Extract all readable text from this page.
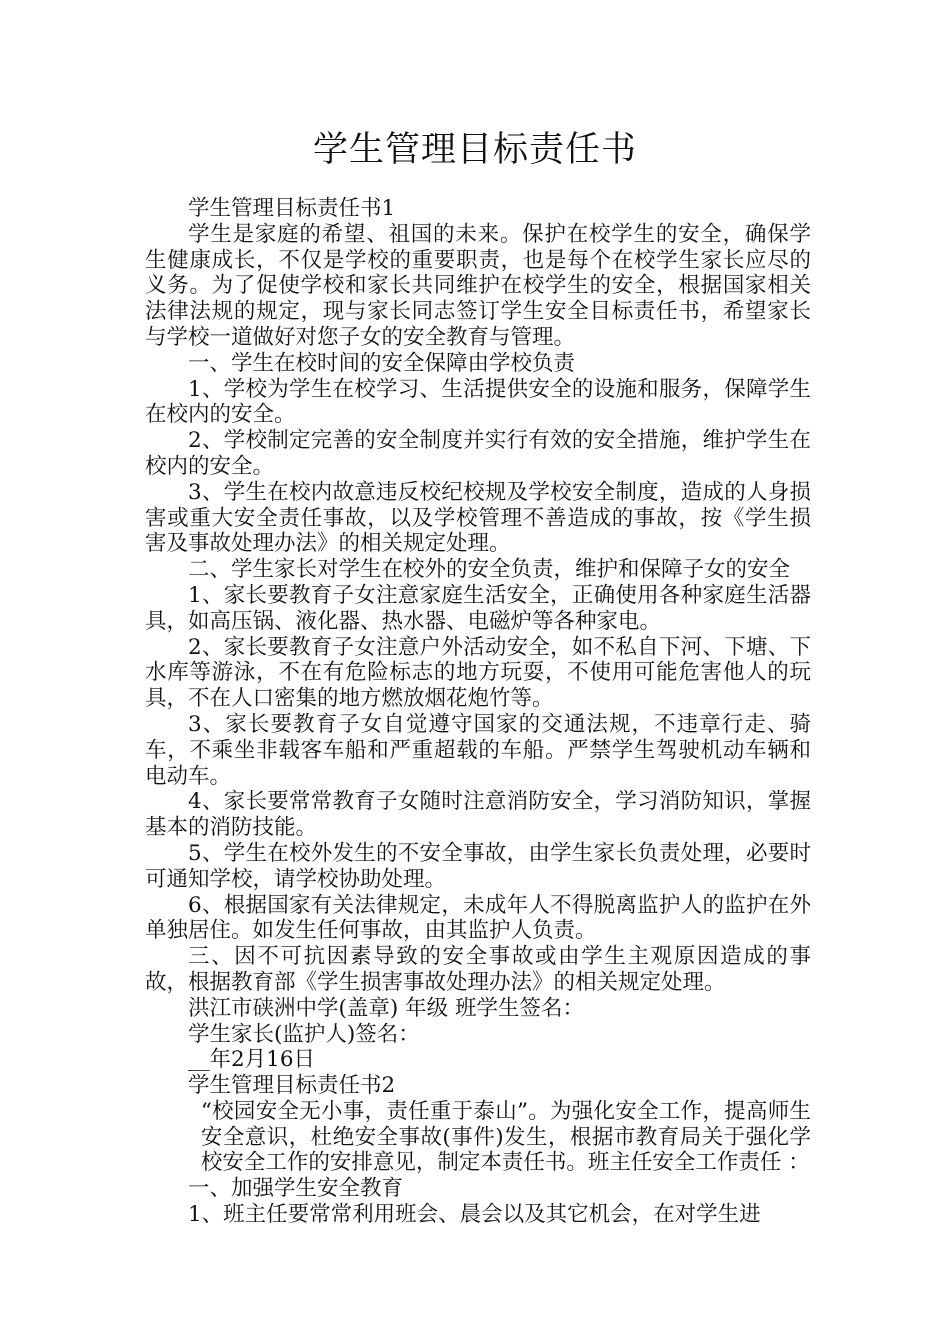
学生管理目标责任书

学生管理目标责任书1

学生是家庭的希望、祖国的未来。保护在校学生的安全，确保学生健康成长，不仅是学校的重要职责，也是每个在校学生家长应尽的义务。为了促使学校和家长共同维护在校学生的安全，根据国家相关法律法规的规定，现与家长同志签订学生安全目标责任书，希望家长与学校一道做好对您子女的安全教育与管理。

一、学生在校时间的安全保障由学校负责

1、学校为学生在校学习、生活提供安全的设施和服务，保障学生在校内的安全。

2、学校制定完善的安全制度并实行有效的安全措施，维护学生在校内的安全。

3、学生在校内故意违反校纪校规及学校安全制度，造成的人身损害或重大安全责任事故，以及学校管理不善造成的事故，按《学生损害及事故处理办法》的相关规定处理。

二、学生家长对学生在校外的安全负责，维护和保障子女的安全

1、家长要教育子女注意家庭生活安全，正确使用各种家庭生活器具，如高压锅、液化器、热水器、电磁炉等各种家电。

2、家长要教育子女注意户外活动安全，如不私自下河、下塘、下水库等游泳，不在有危险标志的地方玩耍，不使用可能危害他人的玩具，不在人口密集的地方燃放烟花炮竹等。

3、家长要教育子女自觉遵守国家的交通法规，不违章行走、骑车，不乘坐非载客车船和严重超载的车船。严禁学生驾驶机动车辆和电动车。

4、家长要常常教育子女随时注意消防安全，学习消防知识，掌握基本的消防技能。

5、学生在校外发生的不安全事故，由学生家长负责处理，必要时可通知学校，请学校协助处理。

6、根据国家有关法律规定，未成年人不得脱离监护人的监护在外单独居住。如发生任何事故，由其监护人负责。

三、因不可抗因素导致的安全事故或由学生主观原因造成的事故，根据教育部《学生损害事故处理办法》的相关规定处理。

洪江市硖洲中学(盖章) 年级 班学生签名：

学生家长(监护人)签名：

__年2月16日

学生管理目标责任书2

“校园安全无小事，责任重于泰山”。为强化安全工作，提高师生安全意识，杜绝安全事故(事件)发生，根据市教育局关于强化学校安全工作的安排意见，制定本责任书。班主任安全工作责任 ：

一、加强学生安全教育

1、班主任要常常利用班会、晨会以及其它机会，在对学生进
